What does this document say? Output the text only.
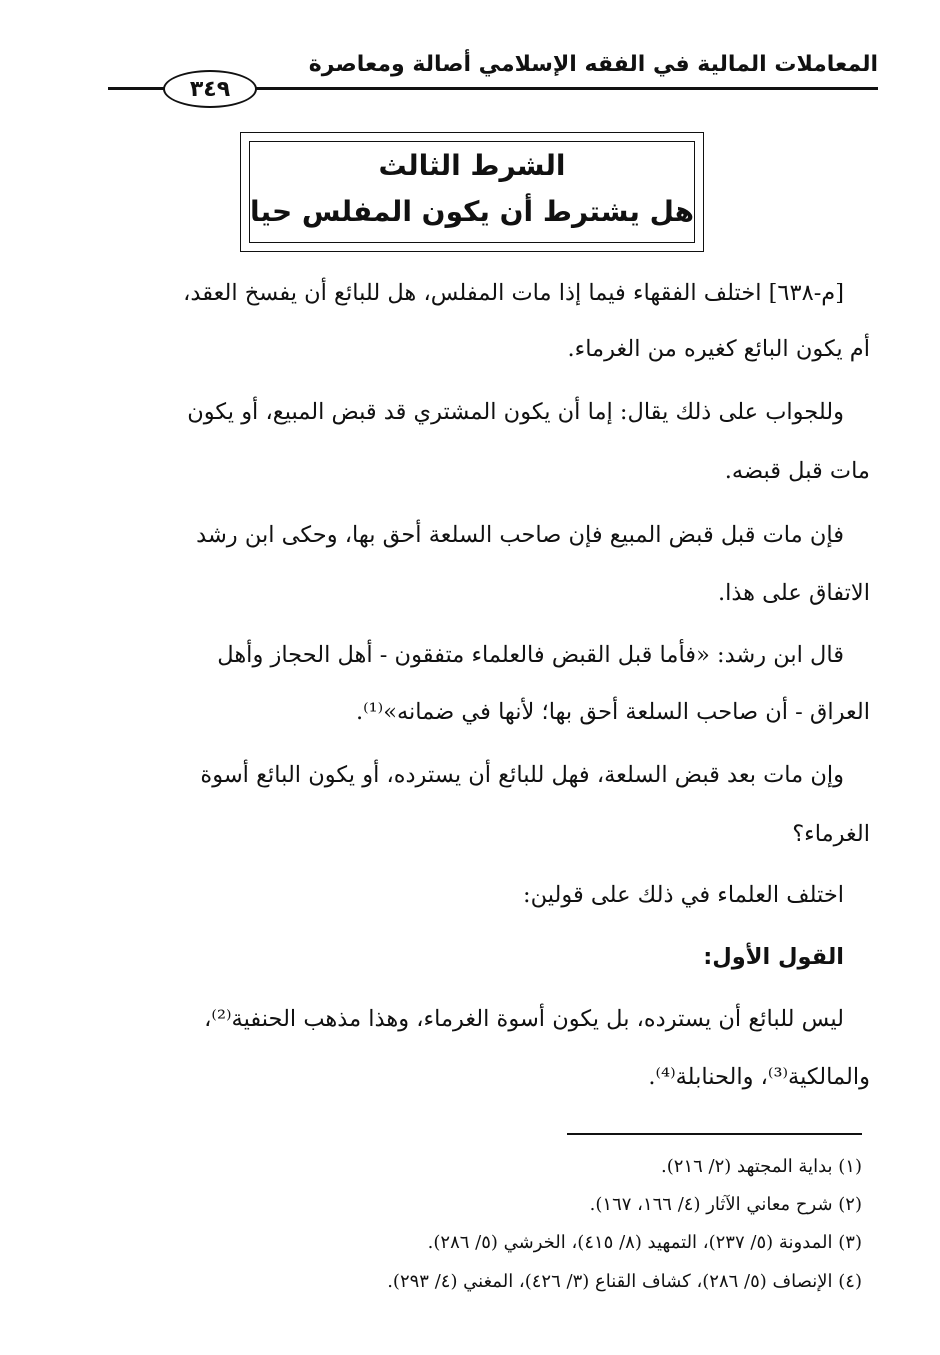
المعاملات المالية في الفقه الإسلامي أصالة ومعاصرة
٣٤٩
الشرط الثالث
هل يشترط أن يكون المفلس حيا
[م-٦٣٨] اختلف الفقهاء فيما إذا مات المفلس، هل للبائع أن يفسخ العقد،
أم يكون البائع كغيره من الغرماء.
وللجواب على ذلك يقال: إما أن يكون المشتري قد قبض المبيع، أو يكون
مات قبل قبضه.
فإن مات قبل قبض المبيع فإن صاحب السلعة أحق بها، وحكى ابن رشد
الاتفاق على هذا.
قال ابن رشد: «فأما قبل القبض فالعلماء متفقون - أهل الحجاز وأهل
العراق - أن صاحب السلعة أحق بها؛ لأنها في ضمانه»⁽¹⁾.
وإن مات بعد قبض السلعة، فهل للبائع أن يسترده، أو يكون البائع أسوة
الغرماء؟
اختلف العلماء في ذلك على قولين:
القول الأول:
ليس للبائع أن يسترده، بل يكون أسوة الغرماء، وهذا مذهب الحنفية⁽²⁾،
والمالكية⁽³⁾، والحنابلة⁽⁴⁾.
(١) بداية المجتهد (٢/ ٢١٦).
(٢) شرح معاني الآثار (٤/ ١٦٦، ١٦٧).
(٣) المدونة (٥/ ٢٣٧)، التمهيد (٨/ ٤١٥)، الخرشي (٥/ ٢٨٦).
(٤) الإنصاف (٥/ ٢٨٦)، كشاف القناع (٣/ ٤٢٦)، المغني (٤/ ٢٩٣).
